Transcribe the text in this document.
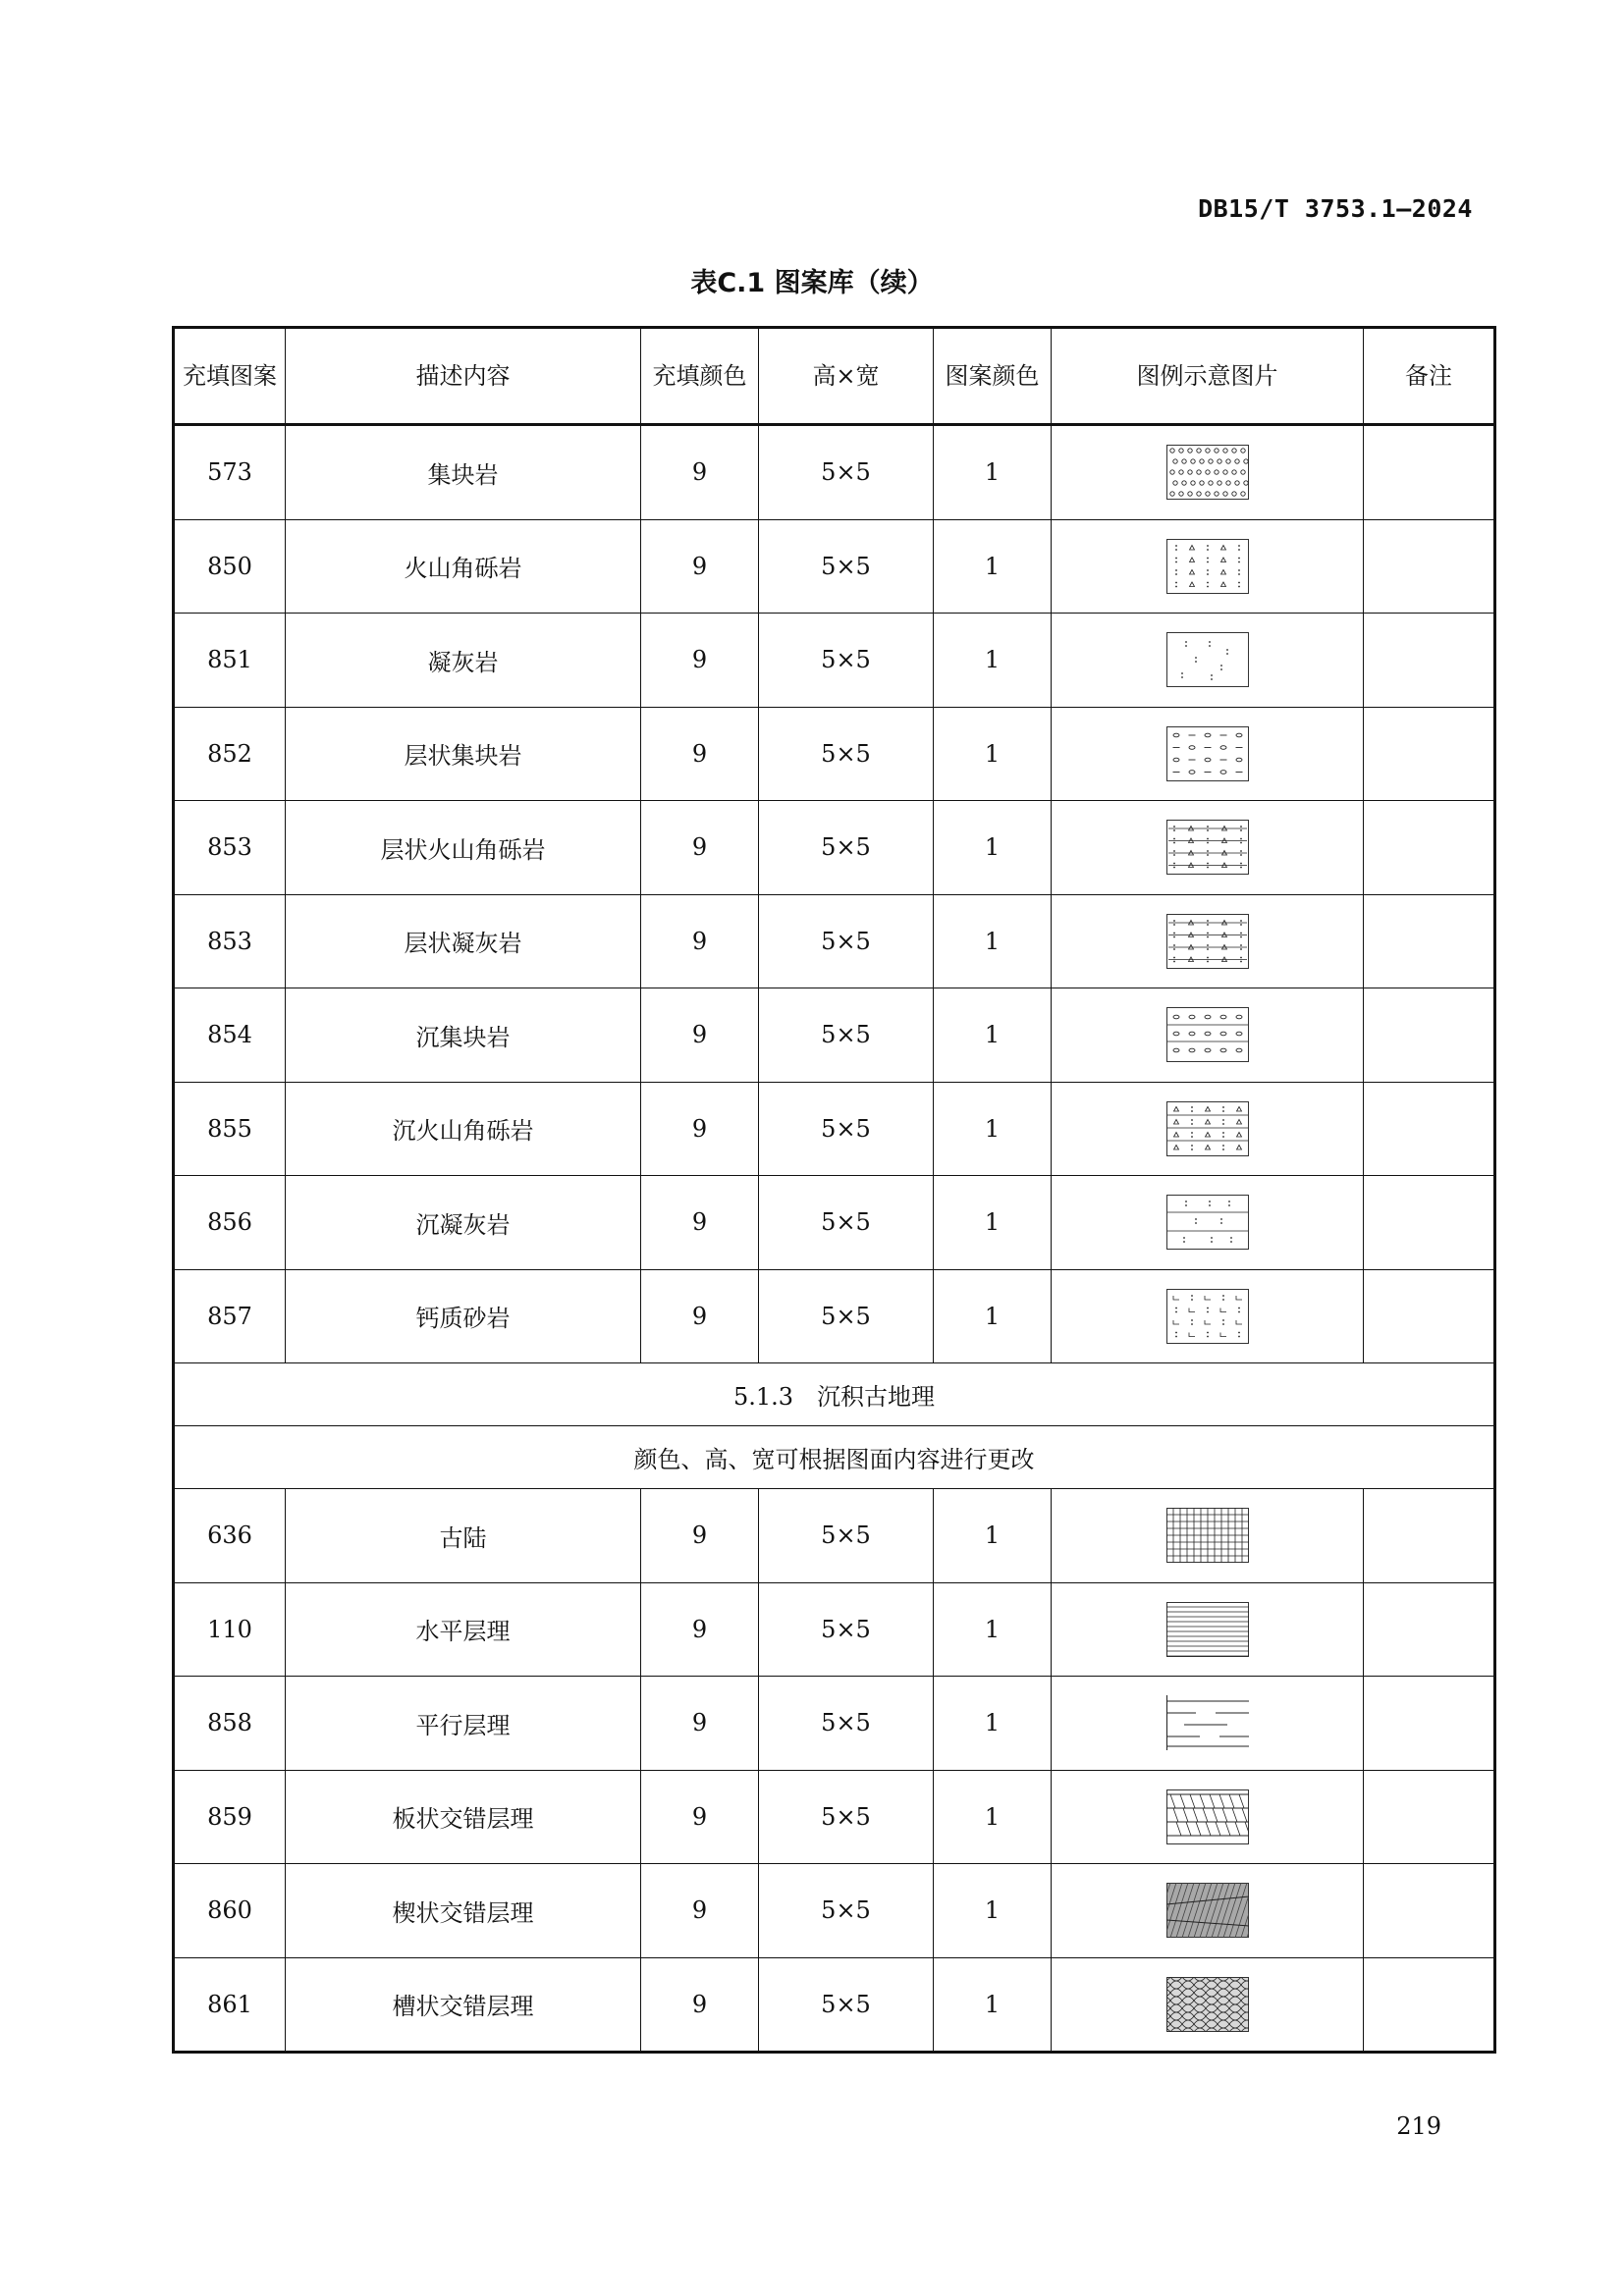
DB15/T 3753.1—2024
表C.1 图案库（续）
充填图案	描述内容	充填颜色	高×宽	图案颜色	图例示意图片	备注
573	集块岩	9	5×5	1	

850	火山角砾岩	9	5×5	1	

851	凝灰岩	9	5×5	1	

852	层状集块岩	9	5×5	1	

853	层状火山角砾岩	9	5×5	1	

853	层状凝灰岩	9	5×5	1	

854	沉集块岩	9	5×5	1	

855	沉火山角砾岩	9	5×5	1	

856	沉凝灰岩	9	5×5	1	

857	钙质砂岩	9	5×5	1	

5.1.3　沉积古地理						
颜色、高、宽可根据图面内容进行更改						
636	古陆	9	5×5	1	

110	水平层理	9	5×5	1	

858	平行层理	9	5×5	1	

859	板状交错层理	9	5×5	1	

860	楔状交错层理	9	5×5	1	

861	槽状交错层理	9	5×5	1	

219
